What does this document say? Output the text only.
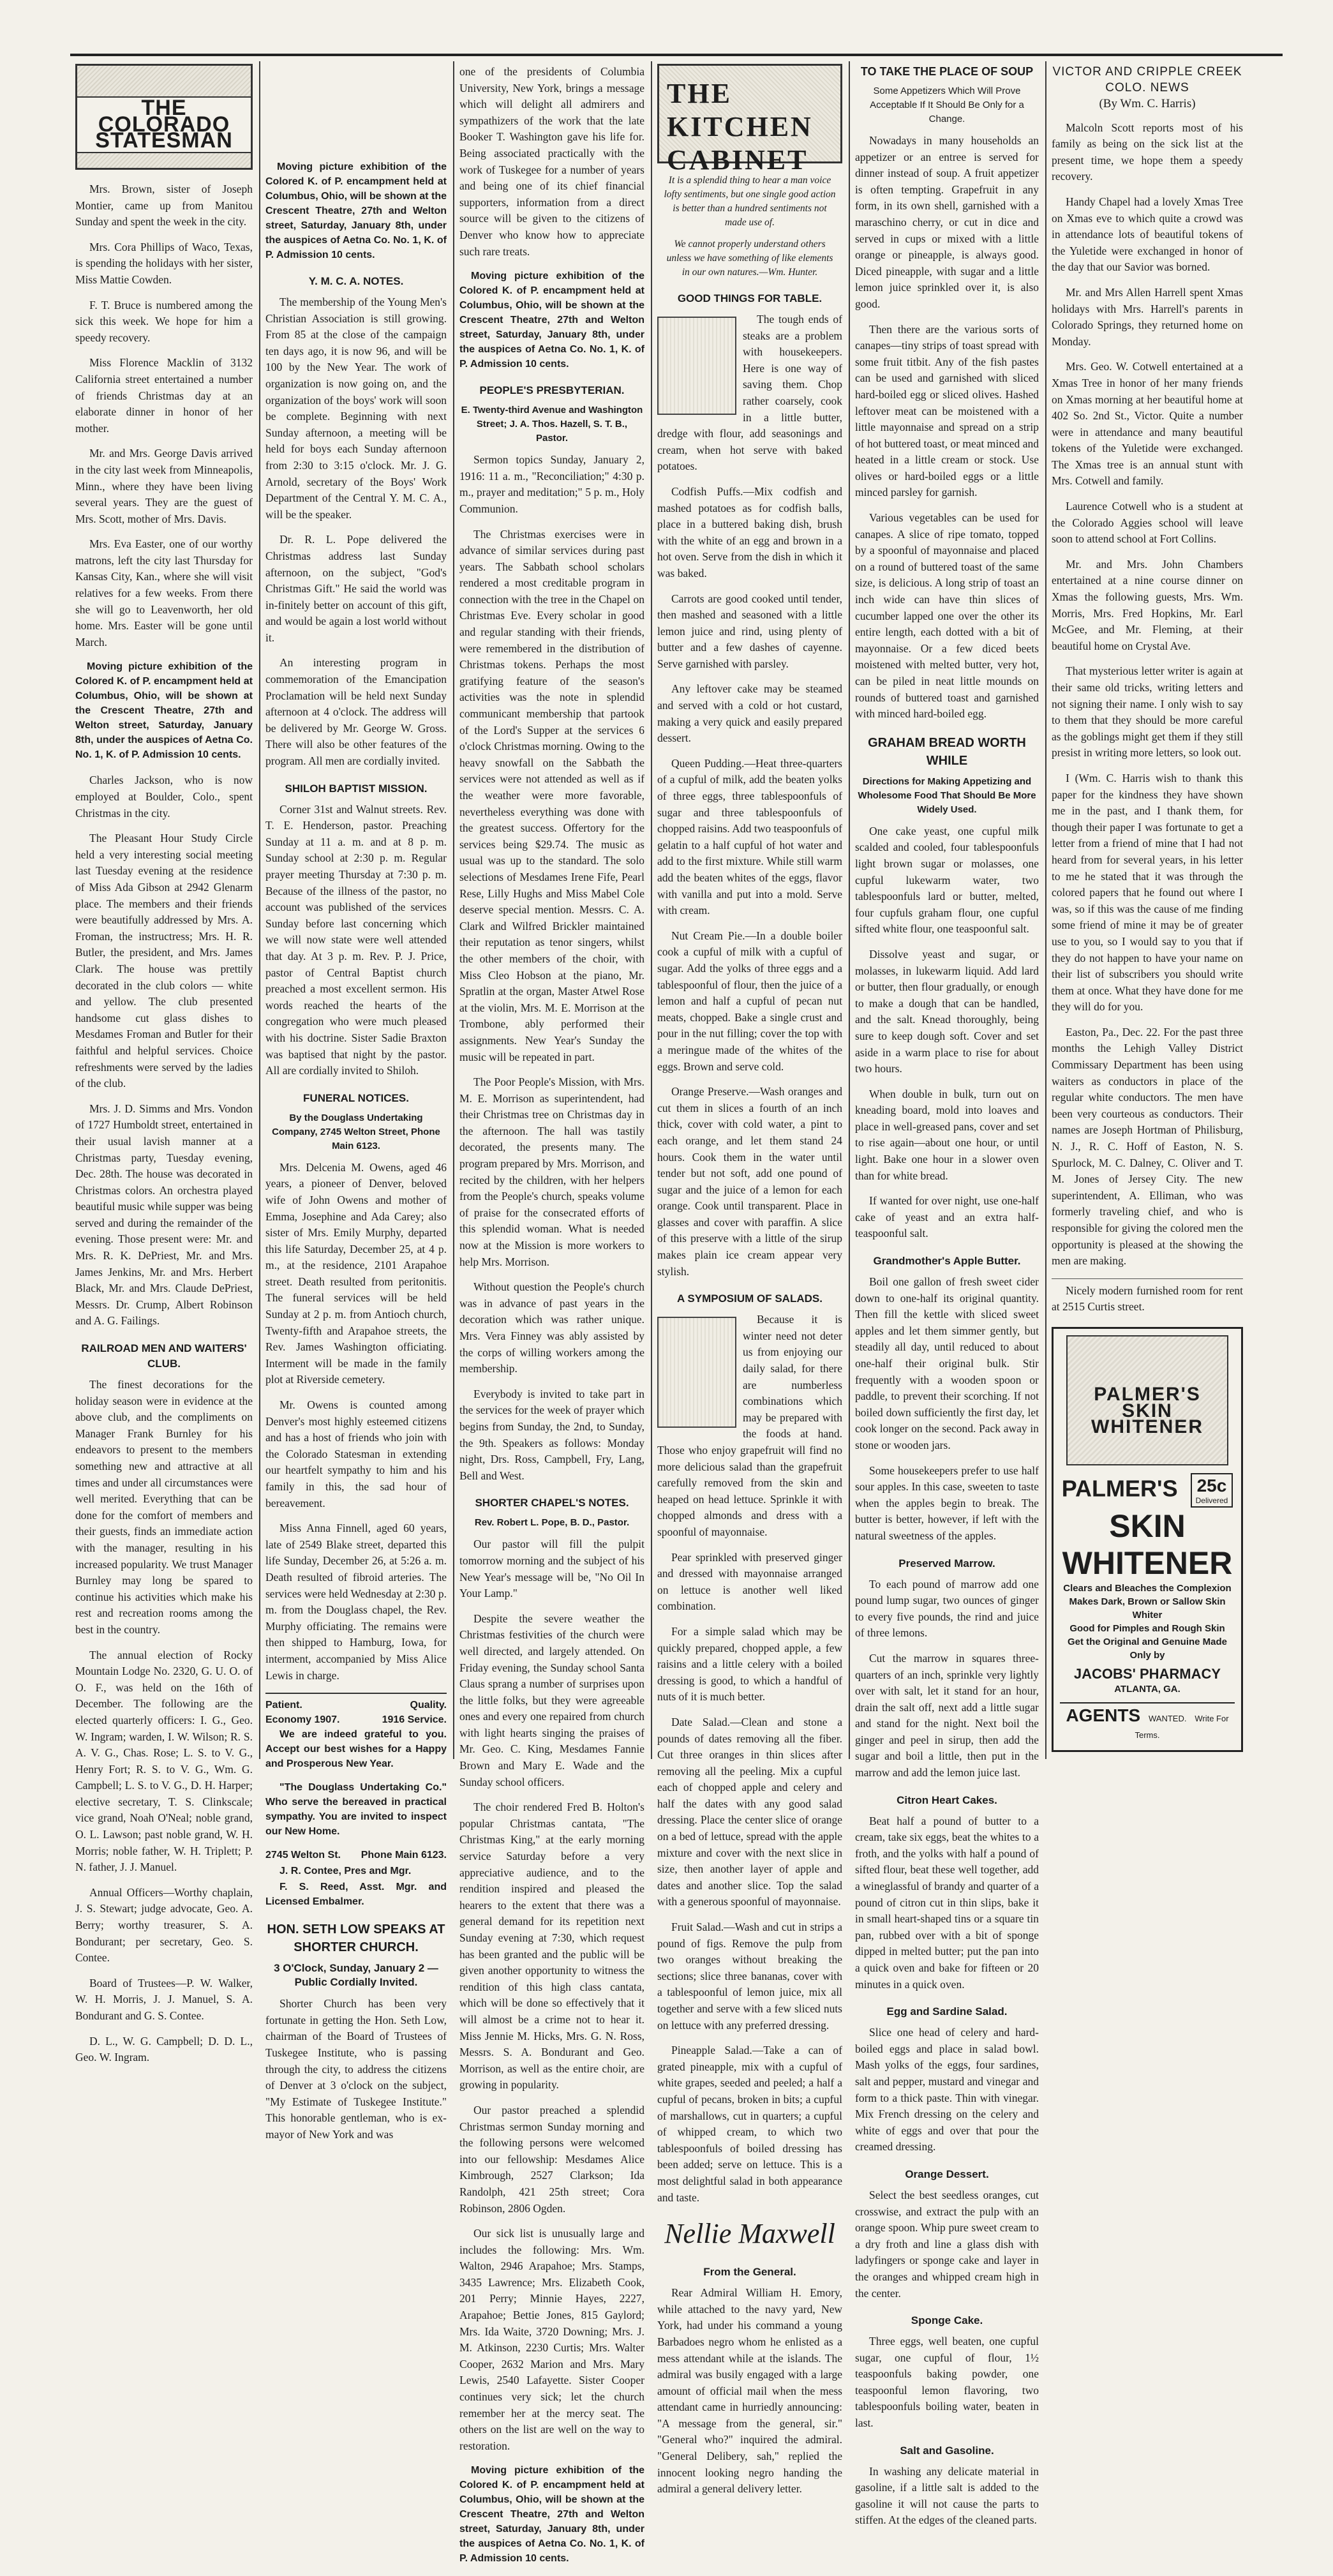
THE COLORADO STATESMAN

Mrs. Brown, sister of Joseph Montier, came up from Manitou Sunday and spent the week in the city.

Mrs. Cora Phillips of Waco, Texas, is spending the holidays with her sister, Miss Mattie Cowden.

F. T. Bruce is numbered among the sick this week. We hope for him a speedy recovery.

Miss Florence Macklin of 3132 California street entertained a number of friends Christmas day at an elaborate dinner in honor of her mother.

Mr. and Mrs. George Davis arrived in the city last week from Minneapolis, Minn., where they have been living several years. They are the guest of Mrs. Scott, mother of Mrs. Davis.

Mrs. Eva Easter, one of our worthy matrons, left the city last Thursday for Kansas City, Kan., where she will visit relatives for a few weeks. From there she will go to Leavenworth, her old home. Mrs. Easter will be gone until March.

Moving picture exhibition of the Colored K. of P. encampment held at Columbus, Ohio, will be shown at the Crescent Theatre, 27th and Welton street, Saturday, January 8th, under the auspices of Aetna Co. No. 1, K. of P. Admission 10 cents.

Charles Jackson, who is now employed at Boulder, Colo., spent Christmas in the city.

The Pleasant Hour Study Circle held a very interesting social meeting last Tuesday evening at the residence of Miss Ada Gibson at 2942 Glenarm place. The members and their friends were beautifully addressed by Mrs. A. Froman, the instructress; Mrs. H. R. Butler, the president, and Mrs. James Clark. The house was prettily decorated in the club colors — white and yellow. The club presented handsome cut glass dishes to Mesdames Froman and Butler for their faithful and helpful services. Choice refreshments were served by the ladies of the club.

Mrs. J. D. Simms and Mrs. Vondon of 1727 Humboldt street, entertained in their usual lavish manner at a Christmas party, Tuesday evening, Dec. 28th. The house was decorated in Christmas colors. An orchestra played beautiful music while supper was being served and during the remainder of the evening. Those present were: Mr. and Mrs. R. K. DePriest, Mr. and Mrs. James Jenkins, Mr. and Mrs. Herbert Black, Mr. and Mrs. Claude DePriest, Messrs. Dr. Crump, Albert Robinson and A. G. Failings.

RAILROAD MEN AND WAITERS' CLUB.

The finest decorations for the holiday season were in evidence at the above club, and the compliments on Manager Frank Burnley for his endeavors to present to the members something new and attractive at all times and under all circumstances were well merited. Everything that can be done for the comfort of members and their guests, finds an immediate action with the manager, resulting in his increased popularity. We trust Manager Burnley may long be spared to continue his activities which make his rest and recreation rooms among the best in the country.

The annual election of Rocky Mountain Lodge No. 2320, G. U. O. of O. F., was held on the 16th of December. The following are the elected quarterly officers: I. G., Geo. W. Ingram; warden, I. W. Wilson; R. S. A. V. G., Chas. Rose; L. S. to V. G., Henry Fort; R. S. to V. G., Wm. G. Campbell; L. S. to V. G., D. H. Harper; elective secretary, T. S. Clinkscale; vice grand, Noah O'Neal; noble grand, O. L. Lawson; past noble grand, W. H. Morris; noble father, W. H. Triplett; P. N. father, J. J. Manuel.

Annual Officers—Worthy chaplain, J. S. Stewart; judge advocate, Geo. A. Berry; worthy treasurer, S. A. Bondurant; per secretary, Geo. S. Contee.

Board of Trustees—P. W. Walker, W. H. Morris, J. J. Manuel, S. A. Bondurant and G. S. Contee.

D. L., W. G. Campbell; D. D. L., Geo. W. Ingram.

Moving picture exhibition of the Colored K. of P. encampment held at Columbus, Ohio, will be shown at the Crescent Theatre, 27th and Welton street, Saturday, January 8th, under the auspices of Aetna Co. No. 1, K. of P. Admission 10 cents.
Y. M. C. A. NOTES.

The membership of the Young Men's Christian Association is still growing. From 85 at the close of the campaign ten days ago, it is now 96, and will be 100 by the New Year. The work of organization is now going on, and the organization of the boys' work will soon be complete. Beginning with next Sunday afternoon, a meeting will be held for boys each Sunday afternoon from 2:30 to 3:15 o'clock. Mr. J. G. Arnold, secretary of the Boys' Work Department of the Central Y. M. C. A., will be the speaker.

Dr. R. L. Pope delivered the Christmas address last Sunday afternoon, on the subject, "God's Christmas Gift." He said the world was in-finitely better on account of this gift, and would be again a lost world without it.

An interesting program in commemoration of the Emancipation Proclamation will be held next Sunday afternoon at 4 o'clock. The address will be delivered by Mr. George W. Gross. There will also be other features of the program. All men are cordially invited.

SHILOH BAPTIST MISSION.

Corner 31st and Walnut streets. Rev. T. E. Henderson, pastor. Preaching Sunday at 11 a. m. and at 8 p. m. Sunday school at 2:30 p. m. Regular prayer meeting Thursday at 7:30 p. m. Because of the illness of the pastor, no account was published of the services Sunday before last concerning which we will now state were well attended that day. At 3 p. m. Rev. P. J. Price, pastor of Central Baptist church preached a most excellent sermon. His words reached the hearts of the congregation who were much pleased with his doctrine. Sister Sadie Braxton was baptised that night by the pastor. All are cordially invited to Shiloh.

FUNERAL NOTICES.
By the Douglass Undertaking Company, 2745 Welton Street, Phone Main 6123.

Mrs. Delcenia M. Owens, aged 46 years, a pioneer of Denver, beloved wife of John Owens and mother of Emma, Josephine and Ada Carey; also sister of Mrs. Emily Murphy, departed this life Saturday, December 25, at 4 p. m., at the residence, 2101 Arapahoe street. Death resulted from peritonitis. The funeral services will be held Sunday at 2 p. m. from Antioch church, Twenty-fifth and Arapahoe streets, the Rev. James Washington officiating. Interment will be made in the family plot at Riverside cemetery.

Mr. Owens is counted among Denver's most highly esteemed citizens and has a host of friends who join with the Colorado Statesman in extending our heartfelt sympathy to him and his family in this, the sad hour of bereavement.

Miss Anna Finnell, aged 60 years, late of 2549 Blake street, departed this life Sunday, December 26, at 5:26 a. m. Death resulted of fibroid arteries. The services were held Wednesday at 2:30 p. m. from the Douglass chapel, the Rev. Murphy officiating. The remains were then shipped to Hamburg, Iowa, for interment, accompanied by Miss Alice Lewis in charge.

Patient.	Quality.
Economy 1907.	1916 Service.

We are indeed grateful to you. Accept our best wishes for a Happy and Prosperous New Year.

"The Douglass Undertaking Co." Who serve the bereaved in practical sympathy. You are invited to inspect our New Home.

2745 Welton St. Phone Main 6123.

J. R. Contee, Pres and Mgr.

F. S. Reed, Asst. Mgr. and Licensed Embalmer.

HON. SETH LOW SPEAKS AT SHORTER CHURCH.
3 O'Clock, Sunday, January 2 — Public Cordially Invited.

Shorter Church has been very fortunate in getting the Hon. Seth Low, chairman of the Board of Trustees of Tuskegee Institute, who is passing through the city, to address the citizens of Denver at 3 o'clock on the subject, "My Estimate of Tuskegee Institute." This honorable gentleman, who is ex-mayor of New York and was

one of the presidents of Columbia University, New York, brings a message which will delight all admirers and sympathizers of the work that the late Booker T. Washington gave his life for. Being associated practically with the work of Tuskegee for a number of years and being one of its chief financial supporters, information from a direct source will be given to the citizens of Denver who know how to appreciate such rare treats.

Moving picture exhibition of the Colored K. of P. encampment held at Columbus, Ohio, will be shown at the Crescent Theatre, 27th and Welton street, Saturday, January 8th, under the auspices of Aetna Co. No. 1, K. of P. Admission 10 cents.
PEOPLE'S PRESBYTERIAN.
E. Twenty-third Avenue and Washington Street; J. A. Thos. Hazell, S. T. B., Pastor.

Sermon topics Sunday, January 2, 1916: 11 a. m., "Reconciliation;" 4:30 p. m., prayer and meditation;" 5 p. m., Holy Communion.

The Christmas exercises were in advance of similar services during past years. The Sabbath school scholars rendered a most creditable program in connection with the tree in the Chapel on Christmas Eve. Every scholar in good and regular standing with their friends, were remembered in the distribution of Christmas tokens. Perhaps the most gratifying feature of the season's activities was the note in splendid communicant membership that partook of the Lord's Supper at the services 6 o'clock Christmas morning. Owing to the heavy snowfall on the Sabbath the services were not attended as well as if the weather were more favorable, nevertheless everything was done with the greatest success. Offertory for the services being $29.74. The music as usual was up to the standard. The solo selections of Mesdames Irene Fife, Pearl Rese, Lilly Hughs and Miss Mabel Cole deserve special mention. Messrs. C. A. Clark and Wilfred Brickler maintained their reputation as tenor singers, whilst the other members of the choir, with Miss Cleo Hobson at the piano, Mr. Spratlin at the organ, Master Atwel Rose at the violin, Mrs. M. E. Morrison at the Trombone, ably performed their assignments. New Year's Sunday the music will be repeated in part.

The Poor People's Mission, with Mrs. M. E. Morrison as superintendent, had their Christmas tree on Christmas day in the afternoon. The hall was tastily decorated, the presents many. The program prepared by Mrs. Morrison, and recited by the children, with her helpers from the People's church, speaks volume of praise for the consecrated efforts of this splendid woman. What is needed now at the Mission is more workers to help Mrs. Morrison.

Without question the People's church was in advance of past years in the decoration which was rather unique. Mrs. Vera Finney was ably assisted by the corps of willing workers among the membership.

Everybody is invited to take part in the services for the week of prayer which begins from Sunday, the 2nd, to Sunday, the 9th. Speakers as follows: Monday night, Drs. Ross, Campbell, Fry, Lang, Bell and West.

SHORTER CHAPEL'S NOTES.
Rev. Robert L. Pope, B. D., Pastor.

Our pastor will fill the pulpit tomorrow morning and the subject of his New Year's message will be, "No Oil In Your Lamp."

Despite the severe weather the Christmas festivities of the church were well directed, and largely attended. On Friday evening, the Sunday school Santa Claus sprang a number of surprises upon the little folks, but they were agreeable ones and every one repaired from church with light hearts singing the praises of Mr. Geo. C. King, Mesdames Fannie Brown and Mary E. Wade and the Sunday school officers.

The choir rendered Fred B. Holton's popular Christmas cantata, "The Christmas King," at the early morning service Saturday before a very appreciative audience, and to the rendition inspired and pleased the hearers to the extent that there was a general demand for its repetition next Sunday evening at 7:30, which request has been granted and the public will be given another opportunity to witness the rendition of this high class cantata, which will be done so effectively that it will almost be a crime not to hear it. Miss Jennie M. Hicks, Mrs. G. N. Ross, Messrs. S. A. Bondurant and Geo. Morrison, as well as the entire choir, are growing in popularity.

Our pastor preached a splendid Christmas sermon Sunday morning and the following persons were welcomed into our fellowship: Mesdames Alice Kimbrough, 2527 Clarkson; Ida Randolph, 421 25th street; Cora Robinson, 2806 Ogden.

Our sick list is unusually large and includes the following: Mrs. Wm. Walton, 2946 Arapahoe; Mrs. Stamps, 3435 Lawrence; Mrs. Elizabeth Cook, 201 Perry; Minnie Hayes, 2227, Arapahoe; Bettie Jones, 815 Gaylord; Mrs. Ida Waite, 3720 Downing; Mrs. J. M. Atkinson, 2230 Curtis; Mrs. Walter Cooper, 2632 Marion and Mrs. Mary Lewis, 2540 Lafayette. Sister Cooper continues very sick; let the church remember her at the mercy seat. The others on the list are well on the way to restoration.

Moving picture exhibition of the Colored K. of P. encampment held at Columbus, Ohio, will be shown at the Crescent Theatre, 27th and Welton street, Saturday, January 8th, under the auspices of Aetna Co. No. 1, K. of P. Admission 10 cents.
THE KITCHEN CABINET
It is a splendid thing to hear a man voice lofty sentiments, but one single good action is better than a hundred sentiments not made use of.
We cannot properly understand others unless we have something of like elements in our own natures.—Wm. Hunter.
GOOD THINGS FOR TABLE.

The tough ends of steaks are a problem with housekeepers. Here is one way of saving them. Chop rather coarsely, cook in a little butter, dredge with flour, add seasonings and cream, when hot serve with baked potatoes.

Codfish Puffs.—Mix codfish and mashed potatoes as for codfish balls, place in a buttered baking dish, brush with the white of an egg and brown in a hot oven. Serve from the dish in which it was baked.

Carrots are good cooked until tender, then mashed and seasoned with a little lemon juice and rind, using plenty of butter and a few dashes of cayenne. Serve garnished with parsley.

Any leftover cake may be steamed and served with a cold or hot custard, making a very quick and easily prepared dessert.

Queen Pudding.—Heat three-quarters of a cupful of milk, add the beaten yolks of three eggs, three tablespoonfuls of sugar and three tablespoonfuls of chopped raisins. Add two teaspoonfuls of gelatin to a half cupful of hot water and add to the first mixture. While still warm add the beaten whites of the eggs, flavor with vanilla and put into a mold. Serve with cream.

Nut Cream Pie.—In a double boiler cook a cupful of milk with a cupful of sugar. Add the yolks of three eggs and a tablespoonful of flour, then the juice of a lemon and half a cupful of pecan nut meats, chopped. Bake a single crust and pour in the nut filling; cover the top with a meringue made of the whites of the eggs. Brown and serve cold.

Orange Preserve.—Wash oranges and cut them in slices a fourth of an inch thick, cover with cold water, a pint to each orange, and let them stand 24 hours. Cook them in the water until tender but not soft, add one pound of sugar and the juice of a lemon for each orange. Cook until transparent. Place in glasses and cover with paraffin. A slice of this preserve with a little of the sirup makes plain ice cream appear very stylish.

A SYMPOSIUM OF SALADS.

Because it is winter need not deter us from enjoying our daily salad, for there are numberless combinations which may be prepared with the foods at hand. Those who enjoy grapefruit will find no more delicious salad than the grapefruit carefully removed from the skin and heaped on head lettuce. Sprinkle it with chopped almonds and dress with a spoonful of mayonnaise.

Pear sprinkled with preserved ginger and dressed with mayonnaise arranged on lettuce is another well liked combination.

For a simple salad which may be quickly prepared, chopped apple, a few raisins and a little celery with a boiled dressing is good, to which a handful of nuts of it is much better.

Date Salad.—Clean and stone a pounds of dates removing all the fiber. Cut three oranges in thin slices after removing all the peeling. Mix a cupful each of chopped apple and celery and half the dates with any good salad dressing. Place the center slice of orange on a bed of lettuce, spread with the apple mixture and cover with the next slice in size, then another layer of apple and dates and another slice. Top the salad with a generous spoonful of mayonnaise.

Fruit Salad.—Wash and cut in strips a pound of figs. Remove the pulp from two oranges without breaking the sections; slice three bananas, cover with a tablespoonful of lemon juice, mix all together and serve with a few sliced nuts on lettuce with any preferred dressing.

Pineapple Salad.—Take a can of grated pineapple, mix with a cupful of white grapes, seeded and peeled; a half a cupful of pecans, broken in bits; a cupful of marshallows, cut in quarters; a cupful of whipped cream, to which two tablespoonfuls of boiled dressing has been added; serve on lettuce. This is a most delightful salad in both appearance and taste.

Nellie Maxwell
From the General.

Rear Admiral William H. Emory, while attached to the navy yard, New York, had under his command a young Barbadoes negro whom he enlisted as a mess attendant while at the islands. The admiral was busily engaged with a large amount of official mail when the mess attendant came in hurriedly announcing: "A message from the general, sir." "General who?" inquired the admiral. "General Delibery, sah," replied the innocent looking negro handing the admiral a general delivery letter.

TO TAKE THE PLACE OF SOUP
Some Appetizers Which Will Prove Acceptable If It Should Be Only for a Change.

Nowadays in many households an appetizer or an entree is served for dinner instead of soup. A fruit appetizer is often tempting. Grapefruit in any form, in its own shell, garnished with a maraschino cherry, or cut in dice and served in cups or mixed with a little orange or pineapple, is always good. Diced pineapple, with sugar and a little lemon juice sprinkled over it, is also good.

Then there are the various sorts of canapes—tiny strips of toast spread with some fruit titbit. Any of the fish pastes can be used and garnished with sliced hard-boiled egg or sliced olives. Hashed leftover meat can be moistened with a little mayonnaise and spread on a strip of hot buttered toast, or meat minced and heated in a little cream or stock. Use olives or hard-boiled eggs or a little minced parsley for garnish.

Various vegetables can be used for canapes. A slice of ripe tomato, topped by a spoonful of mayonnaise and placed on a round of buttered toast of the same size, is delicious. A long strip of toast an inch wide can have thin slices of cucumber lapped one over the other its entire length, each dotted with a bit of mayonnaise. Or a few diced beets moistened with melted butter, very hot, can be piled in neat little mounds on rounds of buttered toast and garnished with minced hard-boiled egg.

GRAHAM BREAD WORTH WHILE
Directions for Making Appetizing and Wholesome Food That Should Be More Widely Used.

One cake yeast, one cupful milk scalded and cooled, four tablespoonfuls light brown sugar or molasses, one cupful lukewarm water, two tablespoonfuls lard or butter, melted, four cupfuls graham flour, one cupful sifted white flour, one teaspoonful salt.

Dissolve yeast and sugar, or molasses, in lukewarm liquid. Add lard or butter, then flour gradually, or enough to make a dough that can be handled, and the salt. Knead thoroughly, being sure to keep dough soft. Cover and set aside in a warm place to rise for about two hours.

When double in bulk, turn out on kneading board, mold into loaves and place in well-greased pans, cover and set to rise again—about one hour, or until light. Bake one hour in a slower oven than for white bread.

If wanted for over night, use one-half cake of yeast and an extra half-teaspoonful salt.

Grandmother's Apple Butter.

Boil one gallon of fresh sweet cider down to one-half its original quantity. Then fill the kettle with sliced sweet apples and let them simmer gently, but steadily all day, until reduced to about one-half their original bulk. Stir frequently with a wooden spoon or paddle, to prevent their scorching. If not boiled down sufficiently the first day, let cook longer on the second. Pack away in stone or wooden jars.

Some housekeepers prefer to use half sour apples. In this case, sweeten to taste when the apples begin to break. The butter is better, however, if left with the natural sweetness of the apples.

Preserved Marrow.

To each pound of marrow add one pound lump sugar, two ounces of ginger to every five pounds, the rind and juice of three lemons.

Cut the marrow in squares three-quarters of an inch, sprinkle very lightly over with salt, let it stand for an hour, drain the salt off, next add a little sugar and stand for the night. Next boil the ginger and peel in sirup, then add the sugar and boil a little, then put in the marrow and add the lemon juice last.

Citron Heart Cakes.

Beat half a pound of butter to a cream, take six eggs, beat the whites to a froth, and the yolks with half a pound of sifted flour, beat these well together, add a wineglassful of brandy and quarter of a pound of citron cut in thin slips, bake it in small heart-shaped tins or a square tin pan, rubbed over with a bit of sponge dipped in melted butter; put the pan into a quick oven and bake for fifteen or 20 minutes in a quick oven.

Egg and Sardine Salad.

Slice one head of celery and hard-boiled eggs and place in salad bowl. Mash yolks of the eggs, four sardines, salt and pepper, mustard and vinegar and form to a thick paste. Thin with vinegar. Mix French dressing on the celery and white of eggs and over that pour the creamed dressing.

Orange Dessert.

Select the best seedless oranges, cut crosswise, and extract the pulp with an orange spoon. Whip pure sweet cream to a dry froth and line a glass dish with ladyfingers or sponge cake and layer in the oranges and whipped cream high in the center.

Sponge Cake.

Three eggs, well beaten, one cupful sugar, one cupful of flour, 1½ teaspoonfuls baking powder, one teaspoonful lemon flavoring, two tablespoonfuls boiling water, beaten in last.

Salt and Gasoline.

In washing any delicate material in gasoline, if a little salt is added to the gasoline it will not cause the parts to stiffen. At the edges of the cleaned parts.

VICTOR AND CRIPPLE CREEK COLO. NEWS
(By Wm. C. Harris)

Malcoln Scott reports most of his family as being on the sick list at the present time, we hope them a speedy recovery.

Handy Chapel had a lovely Xmas Tree on Xmas eve to which quite a crowd was in attendance lots of beautiful tokens of the Yuletide were exchanged in honor of the day that our Savior was borned.

Mr. and Mrs Allen Harrell spent Xmas holidays with Mrs. Harrell's parents in Colorado Springs, they returned home on Monday.

Mrs. Geo. W. Cotwell entertained at a Xmas Tree in honor of her many friends on Xmas morning at her beautiful home at 402 So. 2nd St., Victor. Quite a number were in attendance and many beautiful tokens of the Yuletide were exchanged. The Xmas tree is an annual stunt with Mrs. Cotwell and family.

Laurence Cotwell who is a student at the Colorado Aggies school will leave soon to attend school at Fort Collins.

Mr. and Mrs. John Chambers entertained at a nine course dinner on Xmas the following guests, Mrs. Wm. Morris, Mrs. Fred Hopkins, Mr. Earl McGee, and Mr. Fleming, at their beautiful home on Crystal Ave.

That mysterious letter writer is again at their same old tricks, writing letters and not signing their name. I only wish to say to them that they should be more careful as the goblings might get them if they still presist in writing more letters, so look out.

I (Wm. C. Harris wish to thank this paper for the kindness they have shown me in the past, and I thank them, for though their paper I was fortunate to get a letter from a friend of mine that I had not heard from for several years, in his letter to me he stated that it was through the colored papers that he found out where I was, so if this was the cause of me finding some friend of mine it may be of greater use to you, so I would say to you that if they do not happen to have your name on their list of subscribers you should write them at once. What they have done for me they will do for you.

Easton, Pa., Dec. 22. For the past three months the Lehigh Valley District Commissary Department has been using waiters as conductors in place of the regular white conductors. The men have been very courteous as conductors. Their names are Joseph Hortman of Philisburg, N. J., R. C. Hoff of Easton, N. S. Spurlock, M. C. Dalney, C. Oliver and T. M. Jones of Jersey City. The new superintendent, A. Elliman, who was formerly traveling chief, and who is responsible for giving the colored men the opportunity is pleased at the showing the men are making.

Nicely modern furnished room for rent at 2515 Curtis street.

PALMER'S SKIN WHITENER
PALMER'S 25c
Delivered
SKIN
WHITENER
Clears and Bleaches the Complexion
Makes Dark, Brown or Sallow Skin Whiter
Good for Pimples and Rough Skin
Get the Original and Genuine Made Only by
JACOBS' PHARMACY
ATLANTA, GA.
AGENTS WANTED. Write For Terms.
